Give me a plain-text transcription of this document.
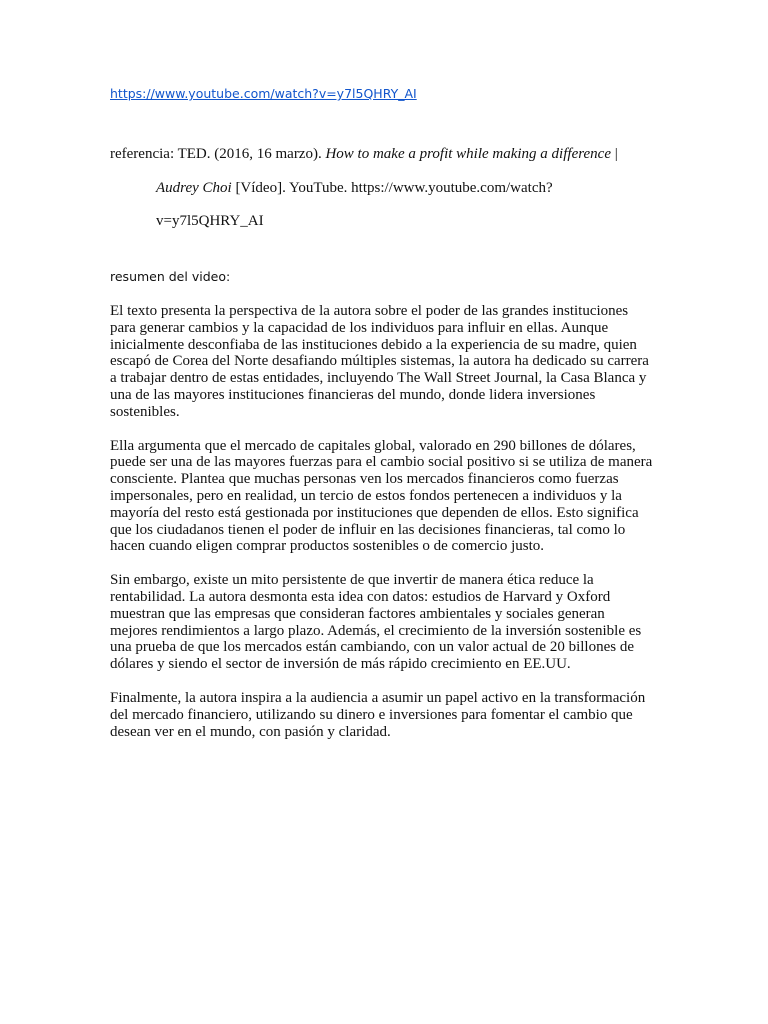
https://www.youtube.com/watch?v=y7l5QHRY_AI
referencia: TED. (2016, 16 marzo). How to make a profit while making a difference |
Audrey Choi [Vídeo]. YouTube. https://www.youtube.com/watch?
v=y7l5QHRY_AI
resumen del video:

El texto presenta la perspectiva de la autora sobre el poder de las grandes instituciones para generar cambios y la capacidad de los individuos para influir en ellas. Aunque inicialmente desconfiaba de las instituciones debido a la experiencia de su madre, quien escapó de Corea del Norte desafiando múltiples sistemas, la autora ha dedicado su carrera a trabajar dentro de estas entidades, incluyendo The Wall Street Journal, la Casa Blanca y una de las mayores instituciones financieras del mundo, donde lidera inversiones sostenibles.

Ella argumenta que el mercado de capitales global, valorado en 290 billones de dólares, puede ser una de las mayores fuerzas para el cambio social positivo si se utiliza de manera consciente. Plantea que muchas personas ven los mercados financieros como fuerzas impersonales, pero en realidad, un tercio de estos fondos pertenecen a individuos y la mayoría del resto está gestionada por instituciones que dependen de ellos. Esto significa que los ciudadanos tienen el poder de influir en las decisiones financieras, tal como lo hacen cuando eligen comprar productos sostenibles o de comercio justo.

Sin embargo, existe un mito persistente de que invertir de manera ética reduce la rentabilidad. La autora desmonta esta idea con datos: estudios de Harvard y Oxford muestran que las empresas que consideran factores ambientales y sociales generan mejores rendimientos a largo plazo. Además, el crecimiento de la inversión sostenible es una prueba de que los mercados están cambiando, con un valor actual de 20 billones de dólares y siendo el sector de inversión de más rápido crecimiento en EE.UU.

Finalmente, la autora inspira a la audiencia a asumir un papel activo en la transformación del mercado financiero, utilizando su dinero e inversiones para fomentar el cambio que desean ver en el mundo, con pasión y claridad.
